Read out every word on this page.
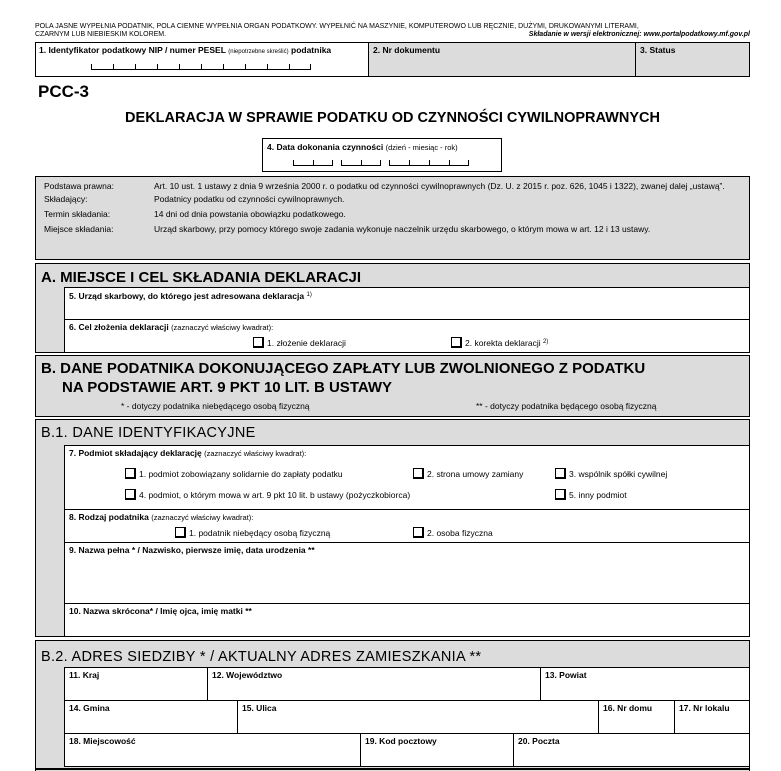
POLA JASNE WYPEŁNIA PODATNIK, POLA CIEMNE WYPEŁNIA ORGAN PODATKOWY. WYPEŁNIĆ NA MASZYNIE, KOMPUTEROWO LUB RĘCZNIE, DUŻYMI, DRUKOWANYMI LITERAMI,
CZARNYM LUB NIEBIESKIM KOLOREM.	Składanie w wersji elektronicznej: www.portalpodatkowy.mf.gov.pl
1. Identyfikator podatkowy NIP / numer PESEL (niepotrzebne skreślić) podatnika	2. Nr dokumentu	3. Status
PCC-3
DEKLARACJA W SPRAWIE PODATKU OD CZYNNOŚCI CYWILNOPRAWNYCH
4. Data dokonania czynności (dzień - miesiąc - rok)
Podstawa prawna:	Art. 10 ust. 1 ustawy z dnia 9 września 2000 r. o podatku od czynności cywilnoprawnych (Dz. U. z 2015 r. poz. 626, 1045 i 1322), zwanej dalej „ustawą”.
Składający:	Podatnicy podatku od czynności cywilnoprawnych.
Termin składania:	14 dni od dnia powstania obowiązku podatkowego.
Miejsce składania:	Urząd skarbowy, przy pomocy którego swoje zadania wykonuje naczelnik urzędu skarbowego, o którym mowa w art. 12 i 13 ustawy.
A. MIEJSCE I CEL SKŁADANIA DEKLARACJI
5. Urząd skarbowy, do którego jest adresowana deklaracja $^{1)}$
6. Cel złożenia deklaracji (zaznaczyć właściwy kwadrat):
1. złożenie deklaracji	2. korekta deklaracji $^{2)}$
B. DANE PODATNIKA DOKONUJĄCEGO ZAPŁATY LUB ZWOLNIONEGO Z PODATKU
NA PODSTAWIE ART. 9 PKT 10 LIT. B USTAWY
* - dotyczy podatnika niebędącego osobą fizyczną	** - dotyczy podatnika będącego osobą fizyczną
B.1. DANE IDENTYFIKACYJNE
7. Podmiot składający deklarację (zaznaczyć właściwy kwadrat):
1. podmiot zobowiązany solidarnie do zapłaty podatku	2. strona umowy zamiany	3. wspólnik spółki cywilnej
4. podmiot, o którym mowa w art. 9 pkt 10 lit. b ustawy (pożyczkobiorca)	5. inny podmiot
8. Rodzaj podatnika (zaznaczyć właściwy kwadrat):
1. podatnik niebędący osobą fizyczną	2. osoba fizyczna
9. Nazwa pełna * / Nazwisko, pierwsze imię, data urodzenia **
10. Nazwa skrócona* / Imię ojca, imię matki **
B.2. ADRES SIEDZIBY * / AKTUALNY ADRES ZAMIESZKANIA **
11. Kraj	12. Województwo	13. Powiat
14. Gmina	15. Ulica	16. Nr domu	17. Nr lokalu
18. Miejscowość	19. Kod pocztowy	20. Poczta
